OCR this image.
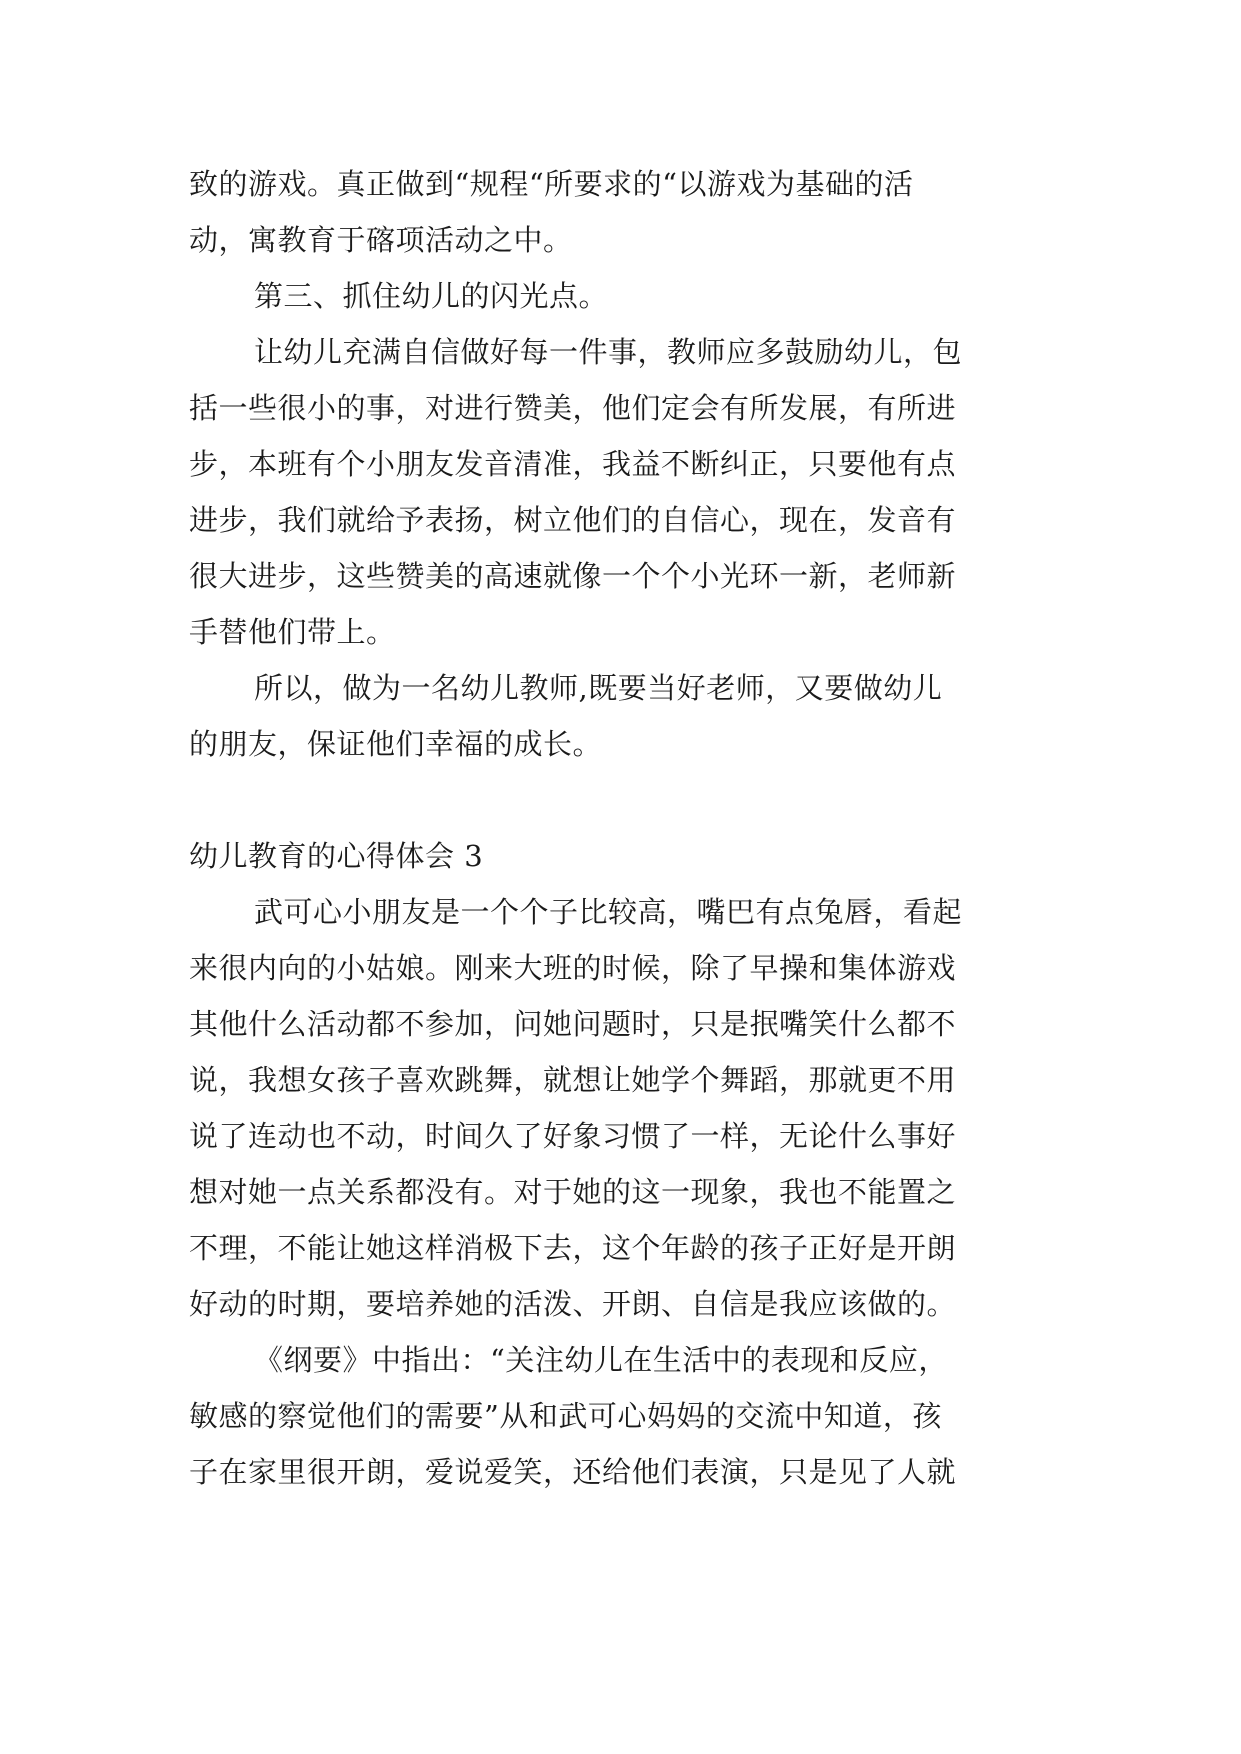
致的游戏。真正做到“规程“所要求的“以游戏为基础的活
动，寓教育于碦项活动之中。
第三、抓住幼儿的闪光点。
让幼儿充满自信做好每一件事，教师应多鼓励幼儿，包
括一些很小的事，对进行赞美，他们定会有所发展，有所进
步，本班有个小朋友发音清准，我益不断纠正，只要他有点
进步，我们就给予表扬，树立他们的自信心，现在，发音有
很大进步，这些赞美的高速就像一个个小光环一新，老师新
手替他们带上。
所以，做为一名幼儿教师,既要当好老师，又要做幼儿
的朋友，保证他们幸福的成长。
幼儿教育的心得体会 3
武可心小朋友是一个个子比较高，嘴巴有点兔唇，看起
来很内向的小姑娘。刚来大班的时候，除了早操和集体游戏
其他什么活动都不参加，问她问题时，只是抿嘴笑什么都不
说，我想女孩子喜欢跳舞，就想让她学个舞蹈，那就更不用
说了连动也不动，时间久了好象习惯了一样，无论什么事好
想对她一点关系都没有。对于她的这一现象，我也不能置之
不理，不能让她这样消极下去，这个年龄的孩子正好是开朗
好动的时期，要培养她的活泼、开朗、自信是我应该做的。
《纲要》中指出：“关注幼儿在生活中的表现和反应，
敏感的察觉他们的需要”从和武可心妈妈的交流中知道，孩
子在家里很开朗，爱说爱笑，还给他们表演，只是见了人就
